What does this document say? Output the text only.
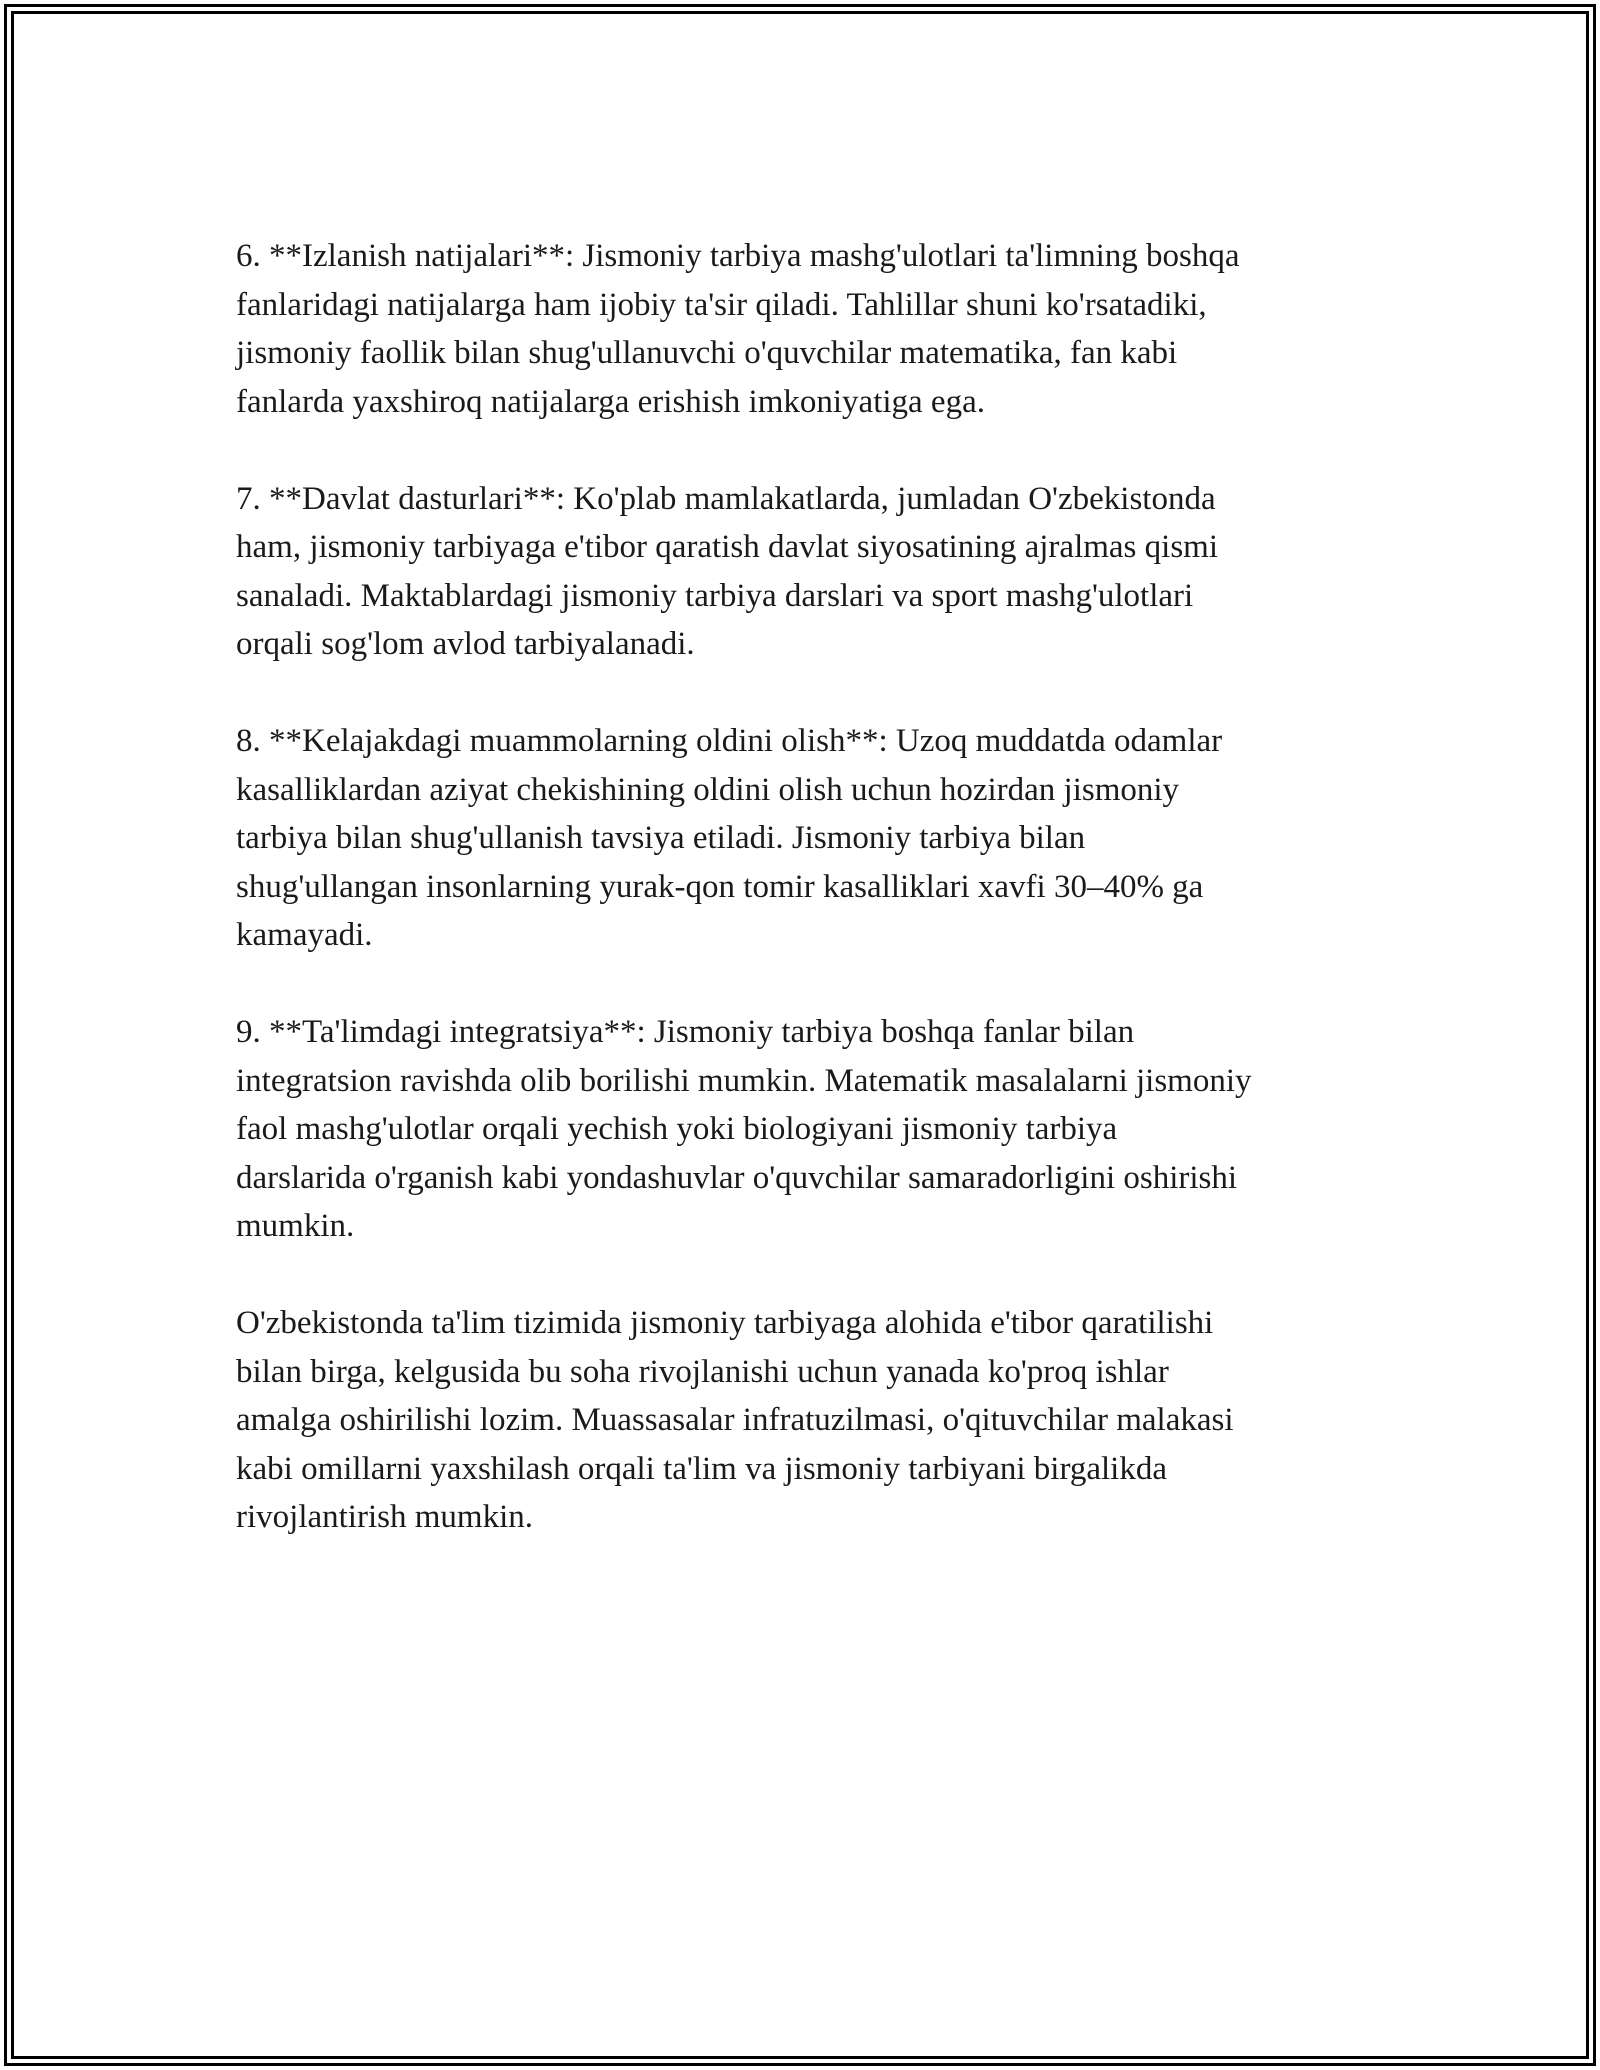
6. **Izlanish natijalari**: Jismoniy tarbiya mashg'ulotlari ta'limning boshqa
fanlaridagi natijalarga ham ijobiy ta'sir qiladi. Tahlillar shuni ko'rsatadiki,
jismoniy faollik bilan shug'ullanuvchi o'quvchilar matematika, fan kabi
fanlarda yaxshiroq natijalarga erishish imkoniyatiga ega.

7. **Davlat dasturlari**: Ko'plab mamlakatlarda, jumladan O'zbekistonda
ham, jismoniy tarbiyaga e'tibor qaratish davlat siyosatining ajralmas qismi
sanaladi. Maktablardagi jismoniy tarbiya darslari va sport mashg'ulotlari
orqali sog'lom avlod tarbiyalanadi.

8. **Kelajakdagi muammolarning oldini olish**: Uzoq muddatda odamlar
kasalliklardan aziyat chekishining oldini olish uchun hozirdan jismoniy
tarbiya bilan shug'ullanish tavsiya etiladi. Jismoniy tarbiya bilan
shug'ullangan insonlarning yurak-qon tomir kasalliklari xavfi 30–40% ga
kamayadi.

9. **Ta'limdagi integratsiya**: Jismoniy tarbiya boshqa fanlar bilan
integratsion ravishda olib borilishi mumkin. Matematik masalalarni jismoniy
faol mashg'ulotlar orqali yechish yoki biologiyani jismoniy tarbiya
darslarida o'rganish kabi yondashuvlar o'quvchilar samaradorligini oshirishi
mumkin.

O'zbekistonda ta'lim tizimida jismoniy tarbiyaga alohida e'tibor qaratilishi
bilan birga, kelgusida bu soha rivojlanishi uchun yanada ko'proq ishlar
amalga oshirilishi lozim. Muassasalar infratuzilmasi, o'qituvchilar malakasi
kabi omillarni yaxshilash orqali ta'lim va jismoniy tarbiyani birgalikda
rivojlantirish mumkin.
